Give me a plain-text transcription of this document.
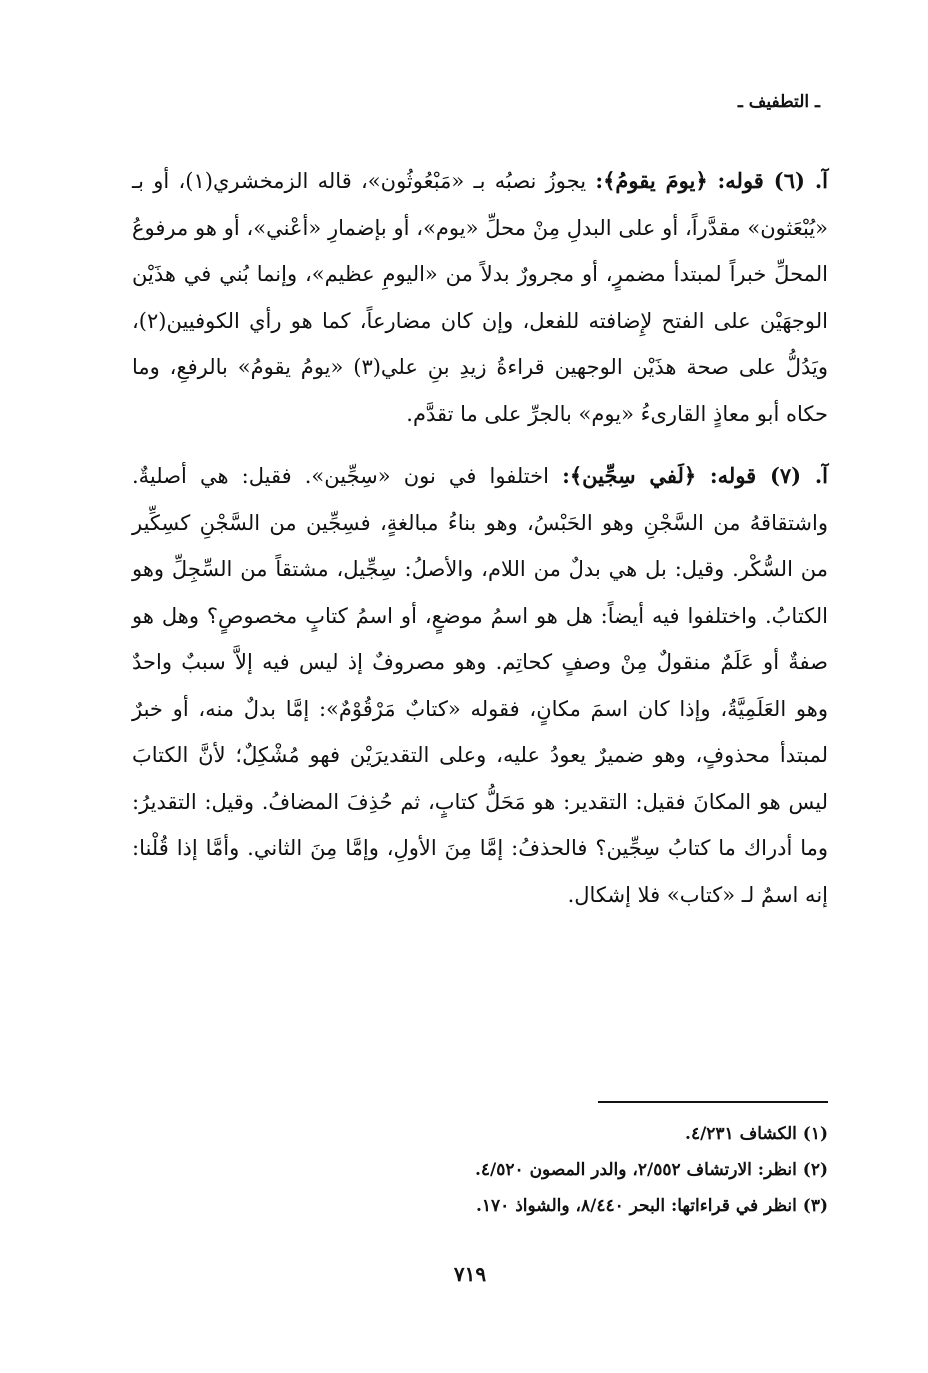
ـ التطفيف ـ

آ. (٦) قوله: ﴿يومَ يقومُ﴾: يجوزُ نصبُه بـ «مَبْعُوثُون»، قاله الزمخشري(١)، أو بـ «يُبْعَثون» مقدَّراً، أو على البدلِ مِنْ محلِّ «يوم»، أو بإضمارِ «أعْني»، أو هو مرفوعُ المحلِّ خبراً لمبتدأ مضمرٍ، أو مجرورٌ بدلاً من «اليومِ عظيم»، وإنما بُني في هذَيْن الوجهَيْن على الفتح لإِضافته للفعل، وإن كان مضارعاً، كما هو رأي الكوفيين(٢)، ويَدُلُّ على صحة هذَيْن الوجهين قراءةُ زيدِ بنِ علي(٣) «يومُ يقومُ» بالرفعِ، وما حكاه أبو معاذٍ القارىءُ «يوم» بالجرِّ على ما تقدَّم.

آ. (٧) قوله: ﴿لَفي سِجِّين﴾: اختلفوا في نون «سِجِّين». فقيل: هي أصليةٌ. واشتقاقهُ من السَّجْنِ وهو الحَبْسُ، وهو بناءُ مبالغةٍ، فسِجِّين من السَّجْنِ كسِكِّير من السُّكْر. وقيل: بل هي بدلٌ من اللام، والأصلُ: سِجِّيل، مشتقاً من السِّجِلِّ وهو الكتابُ. واختلفوا فيه أيضاً: هل هو اسمُ موضعٍ، أو اسمُ كتابٍ مخصوصٍ؟ وهل هو صفةٌ أو عَلَمٌ منقولٌ مِنْ وصفٍ كحاتِم. وهو مصروفٌ إذ ليس فيه إلاَّ سببٌ واحدٌ وهو العَلَمِيَّةُ، وإذا كان اسمَ مكانٍ، فقوله «كتابٌ مَرْقُوْمٌ»: إمَّا بدلٌ منه، أو خبرٌ لمبتدأ محذوفٍ، وهو ضميرٌ يعودُ عليه، وعلى التقديرَيْن فهو مُشْكِلٌ؛ لأنَّ الكتابَ ليس هو المكانَ فقيل: التقدير: هو مَحَلُّ كتابٍ، ثم حُذِفَ المضافُ. وقيل: التقديرُ: وما أدراك ما كتابُ سِجِّين؟ فالحذفُ: إمَّا مِنَ الأولِ، وإمَّا مِنَ الثاني. وأمَّا إذا قُلْنا: إنه اسمٌ لـ «كتاب» فلا إشكال.

(١) الكشاف ٤/٢٣١.
(٢) انظر: الارتشاف ٢/٥٥٢، والدر المصون ٤/٥٢٠.
(٣) انظر في قراءاتها: البحر ٨/٤٤٠، والشواذ ١٧٠.
٧١٩
